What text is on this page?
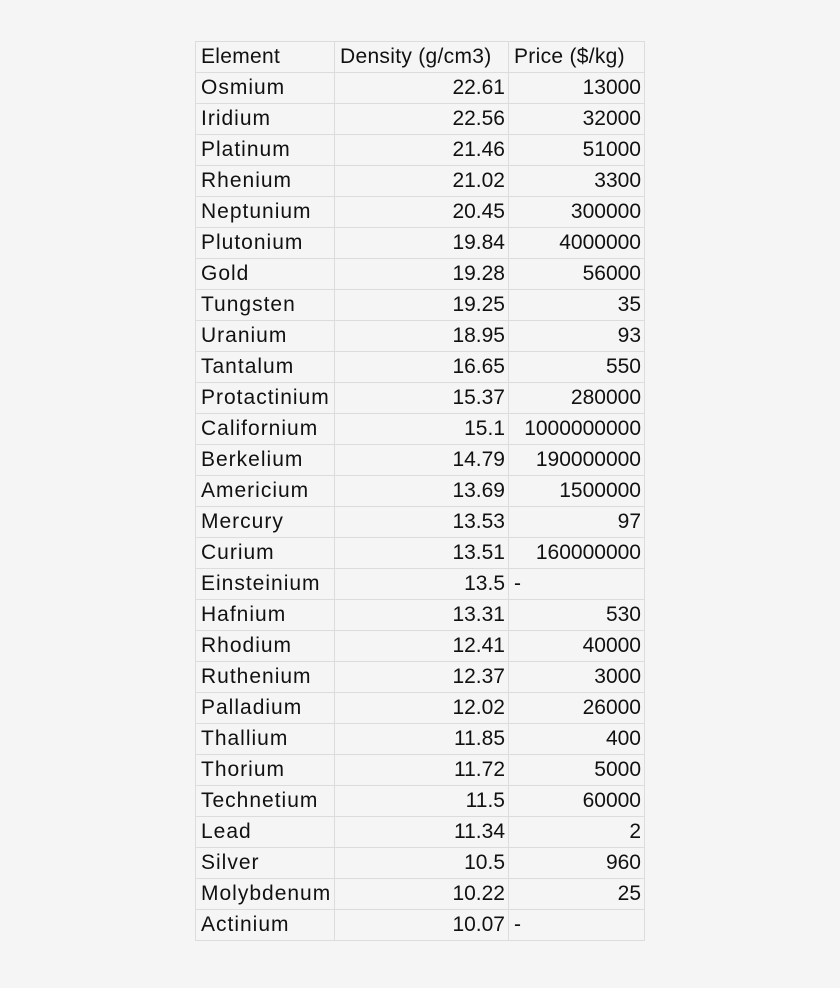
Element	Density (g/cm3)	Price ($/kg)
Osmium	22.61	13000
Iridium	22.56	32000
Platinum	21.46	51000
Rhenium	21.02	3300
Neptunium	20.45	300000
Plutonium	19.84	4000000
Gold	19.28	56000
Tungsten	19.25	35
Uranium	18.95	93
Tantalum	16.65	550
Protactinium	15.37	280000
Californium	15.1	1000000000
Berkelium	14.79	190000000
Americium	13.69	1500000
Mercury	13.53	97
Curium	13.51	160000000
Einsteinium	13.5	-
Hafnium	13.31	530
Rhodium	12.41	40000
Ruthenium	12.37	3000
Palladium	12.02	26000
Thallium	11.85	400
Thorium	11.72	5000
Technetium	11.5	60000
Lead	11.34	2
Silver	10.5	960
Molybdenum	10.22	25
Actinium	10.07	-
